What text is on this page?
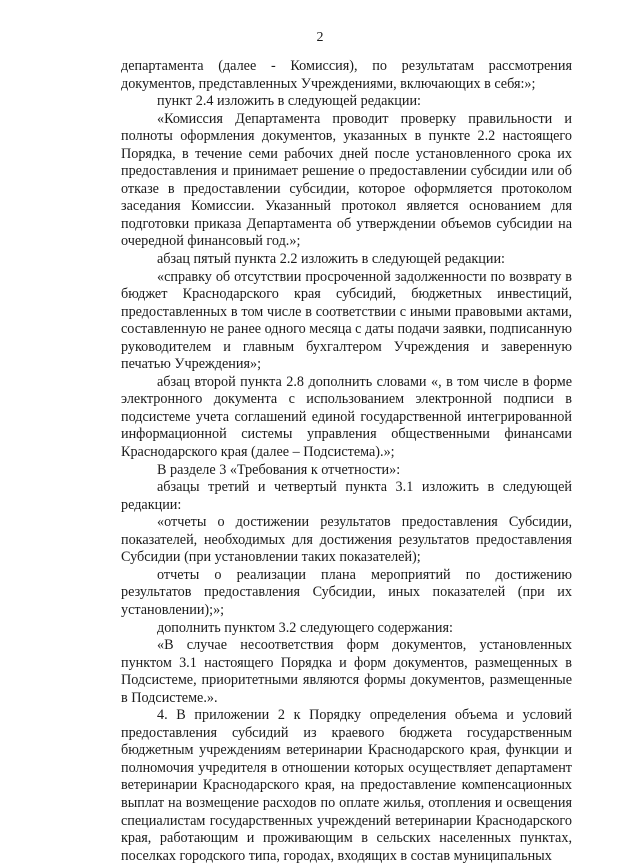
2

департамента (далее - Комиссия), по результатам рассмотрения документов, представленных Учреждениями, включающих в себя:»;

пункт 2.4 изложить в следующей редакции:

«Комиссия Департамента проводит проверку правильности и полноты оформления документов, указанных в пункте 2.2 настоящего Порядка, в течение семи рабочих дней после установленного срока их предоставления и принимает решение о предоставлении субсидии или об отказе в предоставлении субсидии, которое оформляется протоколом заседания Комиссии. Указанный протокол является основанием для подготовки приказа Департамента об утверждении объемов субсидии на очередной финансовый год.»;

абзац пятый пункта 2.2 изложить в следующей редакции:

«справку об отсутствии просроченной задолженности по возврату в бюджет Краснодарского края субсидий, бюджетных инвестиций, предоставленных в том числе в соответствии с иными правовыми актами, составленную не ранее одного месяца с даты подачи заявки, подписанную руководителем и главным бухгалтером Учреждения и заверенную печатью Учреждения»;

абзац второй пункта 2.8 дополнить словами «, в том числе в форме электронного документа с использованием электронной подписи в подсистеме учета соглашений единой государственной интегрированной информационной системы управления общественными финансами Краснодарского края (далее – Подсистема).»;

В разделе 3 «Требования к отчетности»:

абзацы третий и четвертый пункта 3.1 изложить в следующей редакции:

«отчеты о достижении результатов предоставления Субсидии, показателей, необходимых для достижения результатов предоставления Субсидии (при установлении таких показателей);

отчеты о реализации плана мероприятий по достижению результатов предоставления Субсидии, иных показателей (при их установлении);»;

дополнить пунктом 3.2 следующего содержания:

«В случае несоответствия форм документов, установленных пунктом 3.1 настоящего Порядка и форм документов, размещенных в Подсистеме, приоритетными являются формы документов, размещенные в Подсистеме.».

4. В приложении 2 к Порядку определения объема и условий предоставления субсидий из краевого бюджета государственным бюджетным учреждениям ветеринарии Краснодарского края, функции и полномочия учредителя в отношении которых осуществляет департамент ветеринарии Краснодарского края, на предоставление компенсационных выплат на возмещение расходов по оплате жилья, отопления и освещения специалистам государственных учреждений ветеринарии Краснодарского края, работающим и проживающим в сельских населенных пунктах, поселках городского типа, городах, входящих в состав муниципальных
